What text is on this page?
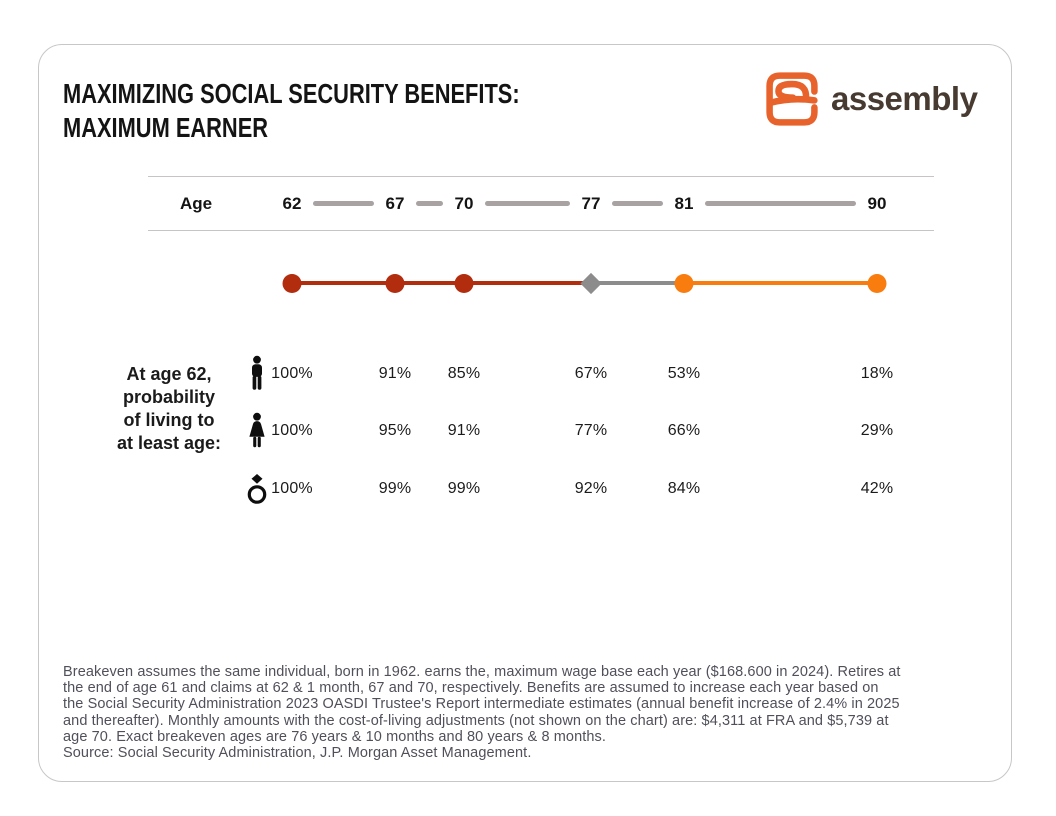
MAXIMIZING SOCIAL SECURITY BENEFITS:
MAXIMUM EARNER
assembly
Age	62	67	70	77	81	90
At age 62,
probability
of living to
at least age:
100%	91% 85%	67%	53%	18%
100%	95% 91%	77%	66%	29%
100%	99% 99%	92%	84%	42%
Breakeven assumes the same individual, born in 1962. earns the, maximum wage base each year ($168.600 in 2024). Retires at
the end of age 61 and claims at 62 & 1 month, 67 and 70, respectively. Benefits are assumed to increase each year based on
the Social Security Administration 2023 OASDI Trustee's Report intermediate estimates (annual benefit increase of 2.4% in 2025
and thereafter). Monthly amounts with the cost-of-living adjustments (not shown on the chart) are: $4,311 at FRA and $5,739 at
age 70. Exact breakeven ages are 76 years & 10 months and 80 years & 8 months.
Source: Social Security Administration, J.P. Morgan Asset Management.
